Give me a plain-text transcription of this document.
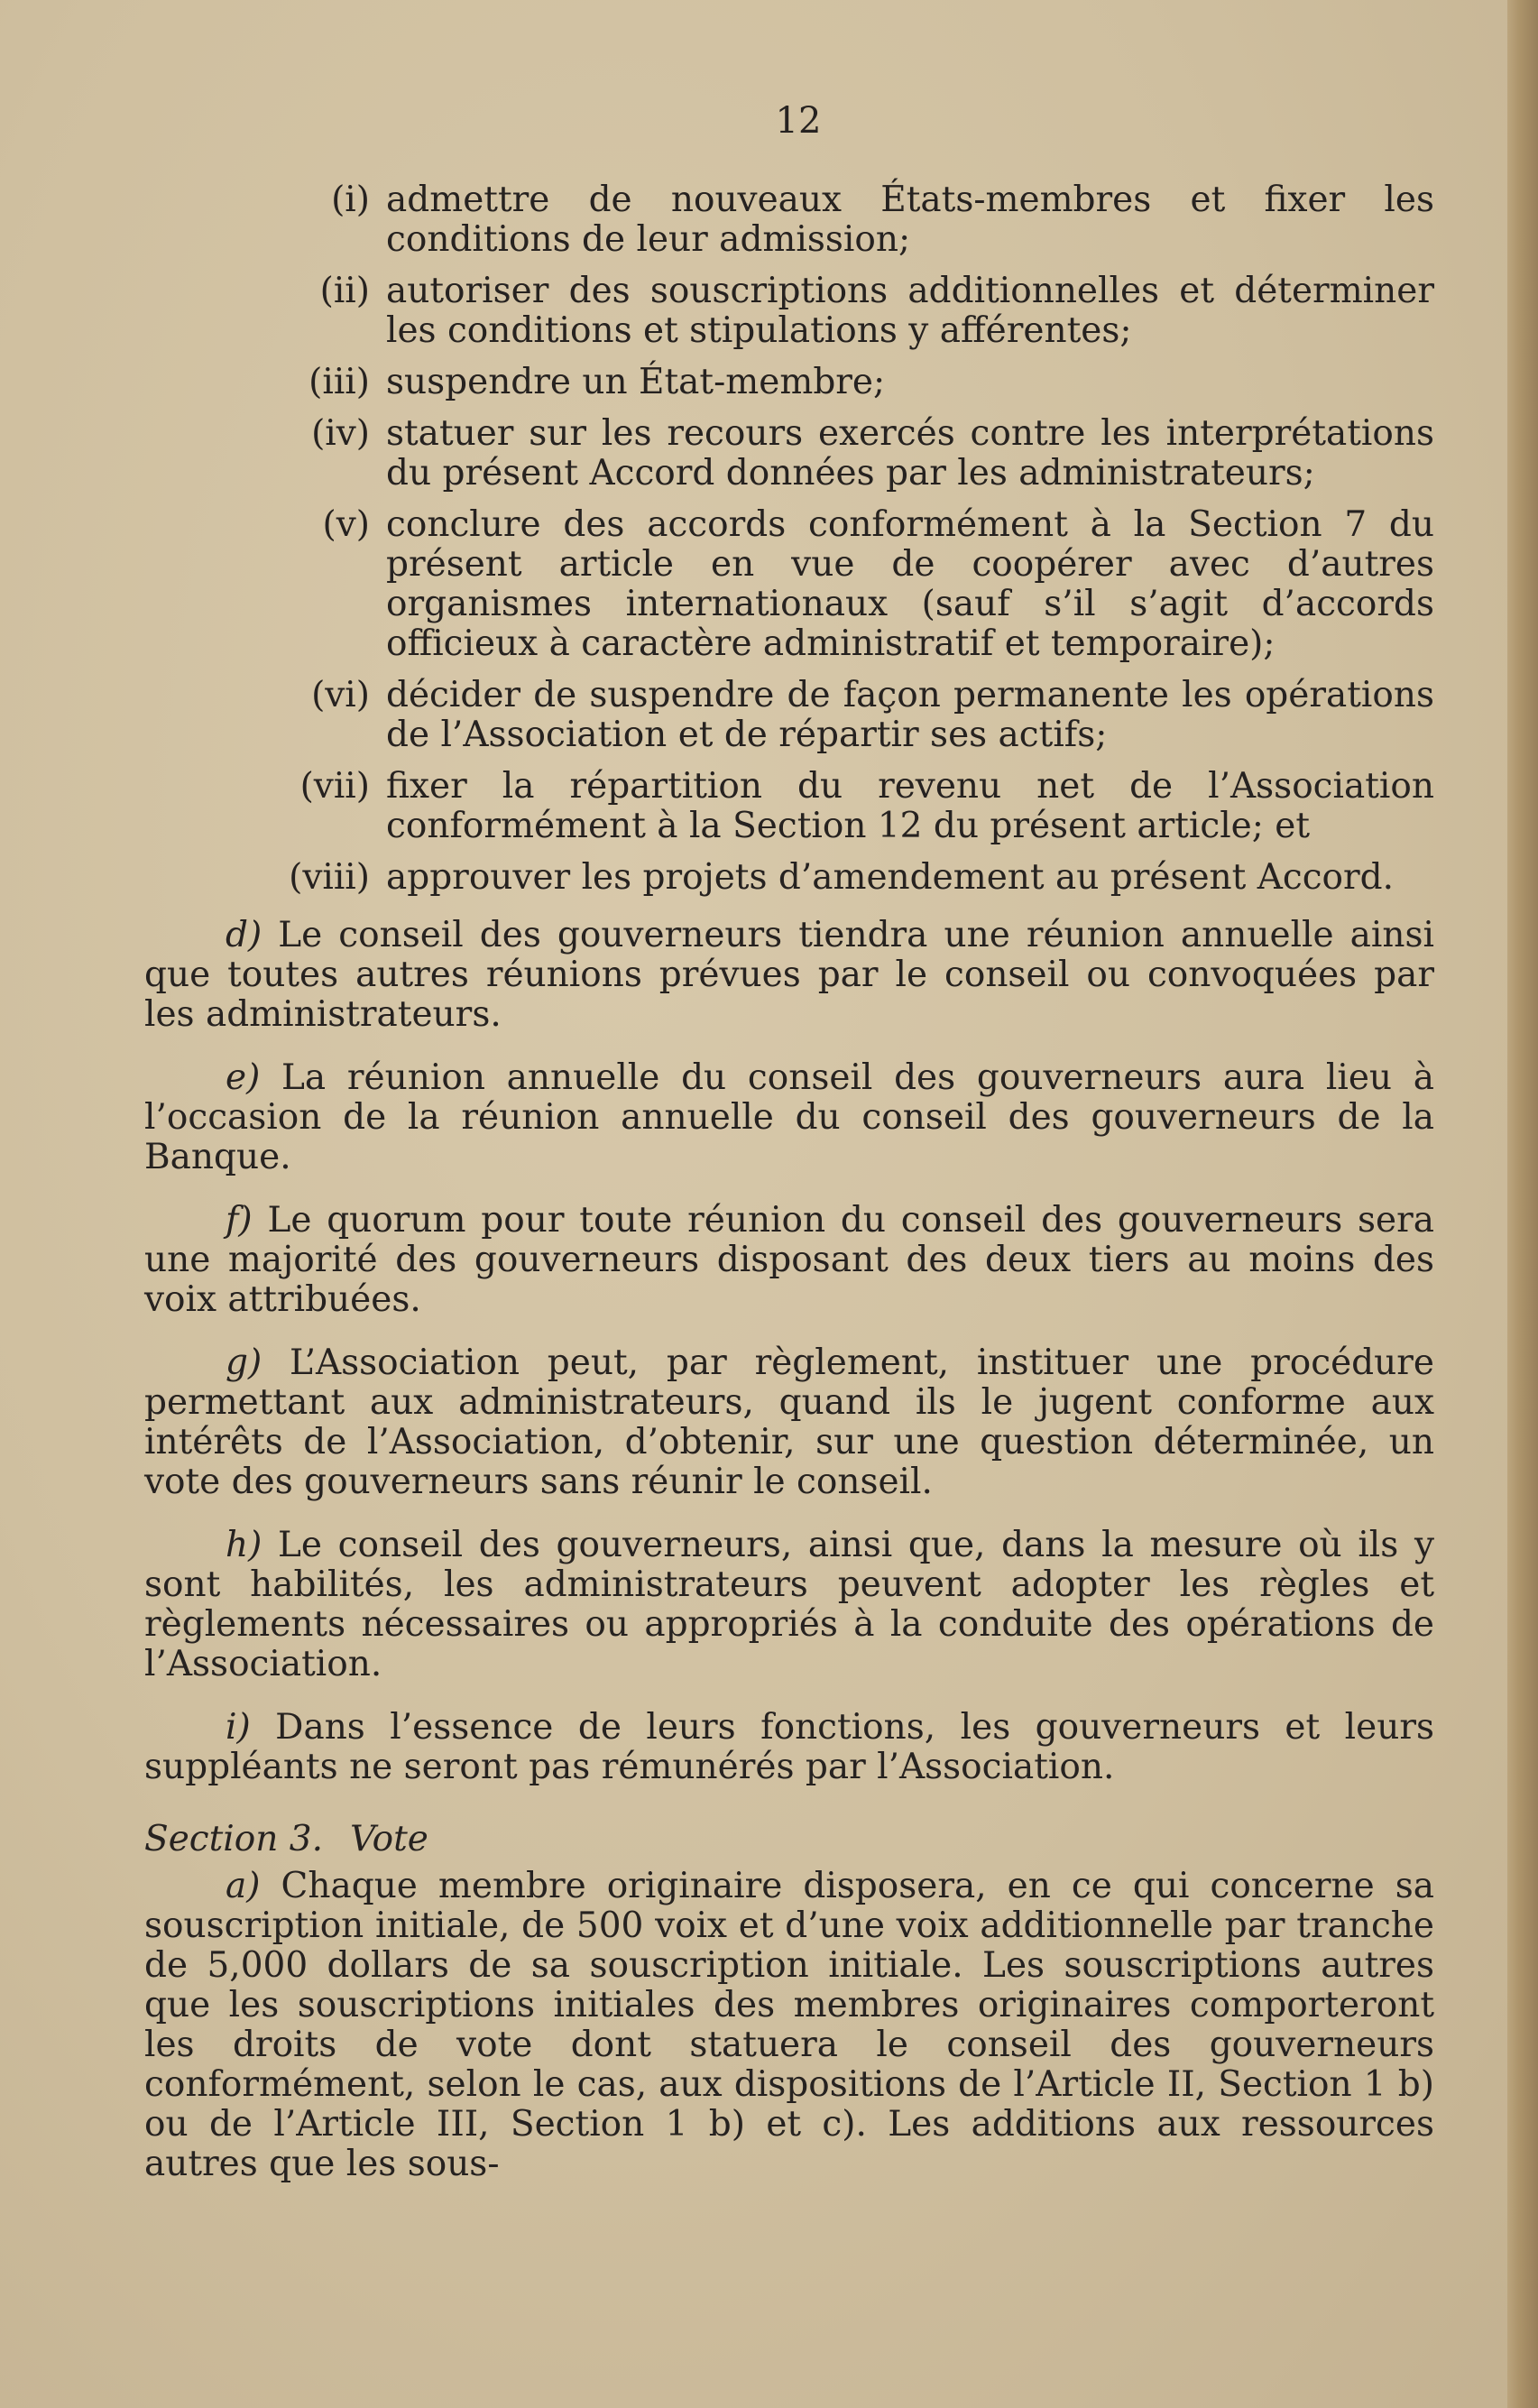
12
(i) admettre de nouveaux États-membres et fixer les conditions de leur admission;
(ii) autoriser des souscriptions additionnelles et déterminer les conditions et stipulations y afférentes;
(iii) suspendre un État-membre;
(iv) statuer sur les recours exercés contre les interprétations du présent Accord données par les administrateurs;
(v) conclure des accords conformément à la Section 7 du présent article en vue de coopérer avec d’autres organismes internationaux (sauf s’il s’agit d’accords officieux à caractère administratif et temporaire);
(vi) décider de suspendre de façon permanente les opérations de l’Association et de répartir ses actifs;
(vii) fixer la répartition du revenu net de l’Association conformément à la Section 12 du présent article; et
(viii) approuver les projets d’amendement au présent Accord.
d) Le conseil des gouverneurs tiendra une réunion annuelle ainsi que toutes autres réunions prévues par le conseil ou convoquées par les administrateurs.
e) La réunion annuelle du conseil des gouverneurs aura lieu à l’occasion de la réunion annuelle du conseil des gouverneurs de la Banque.
f) Le quorum pour toute réunion du conseil des gouverneurs sera une majorité des gouverneurs disposant des deux tiers au moins des voix attribuées.
g) L’Association peut, par règlement, instituer une procédure permettant aux administrateurs, quand ils le jugent conforme aux intérêts de l’Association, d’obtenir, sur une question déterminée, un vote des gouverneurs sans réunir le conseil.
h) Le conseil des gouverneurs, ainsi que, dans la mesure où ils y sont habilités, les administrateurs peuvent adopter les règles et règlements nécessaires ou appropriés à la conduite des opérations de l’Association.
i) Dans l’essence de leurs fonctions, les gouverneurs et leurs suppléants ne seront pas rémunérés par l’Association.
Section 3. Vote
a) Chaque membre originaire disposera, en ce qui concerne sa souscription initiale, de 500 voix et d’une voix additionnelle par tranche de 5,000 dollars de sa souscription initiale. Les souscriptions autres que les souscriptions initiales des membres originaires comporteront les droits de vote dont statuera le conseil des gouverneurs conformément, selon le cas, aux dispositions de l’Article II, Section 1 b) ou de l’Article III, Section 1 b) et c). Les additions aux ressources autres que les sous-
